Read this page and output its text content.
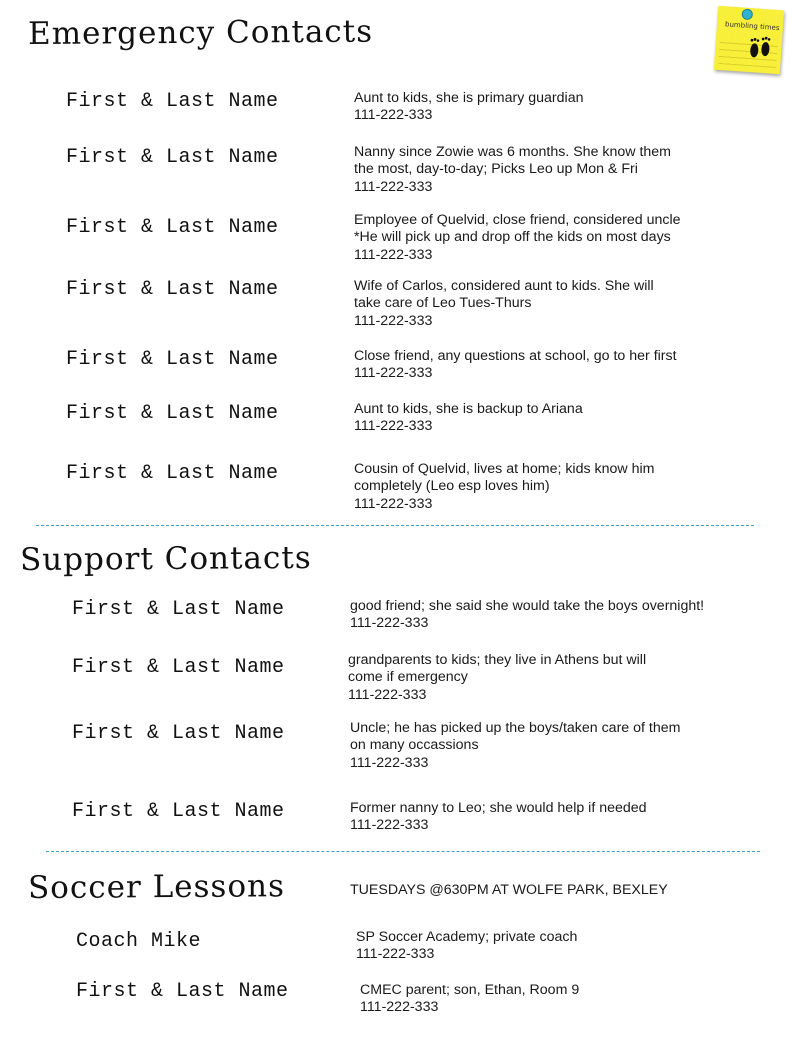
bumbling times
Emergency Contacts
First & Last Name	Aunt to kids, she is primary guardian
111-222-333
First & Last Name	Nanny since Zowie was 6 months. She know them
the most, day-to-day; Picks Leo up Mon & Fri
111-222-333
First & Last Name	Employee of Quelvid, close friend, considered uncle
*He will pick up and drop off the kids on most days
111-222-333
First & Last Name	Wife of Carlos, considered aunt to kids. She will
take care of Leo Tues-Thurs
111-222-333
First & Last Name	Close friend, any questions at school, go to her first
111-222-333
First & Last Name	Aunt to kids, she is backup to Ariana
111-222-333
First & Last Name	Cousin of Quelvid, lives at home; kids know him
completely (Leo esp loves him)
111-222-333
Support Contacts
First & Last Name	good friend; she said she would take the boys overnight!
111-222-333
First & Last Name	grandparents to kids; they live in Athens but will
come if emergency
111-222-333
First & Last Name	Uncle; he has picked up the boys/taken care of them
on many occassions
111-222-333
First & Last Name	Former nanny to Leo; she would help if needed
111-222-333
Soccer Lessons	TUESDAYS @630PM AT WOLFE PARK, BEXLEY
Coach Mike	SP Soccer Academy; private coach
111-222-333
First & Last Name	CMEC parent; son, Ethan, Room 9
111-222-333
